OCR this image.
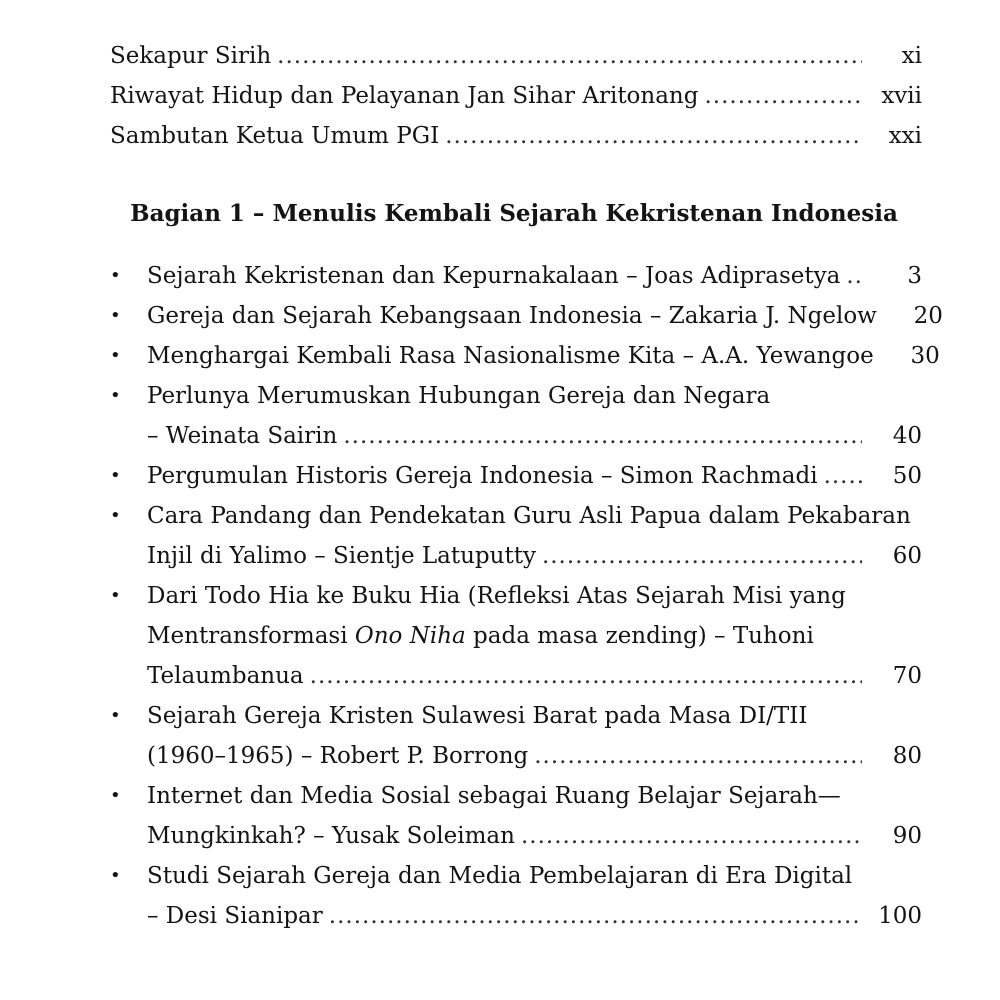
Sekapur Sirih .....	xi
Riwayat Hidup dan Pelayanan Jan Sihar Aritonang .....	xvii
Sambutan Ketua Umum PGI .....	xxi
Bagian 1 – Menulis Kembali Sejarah Kekristenan Indonesia
• Sejarah Kekristenan dan Kepurnakalaan – Joas Adiprasetya .....	3
• Gereja dan Sejarah Kebangsaan Indonesia – Zakaria J. Ngelow	20
• Menghargai Kembali Rasa Nasionalisme Kita – A.A. Yewangoe	30
• Perlunya Merumuskan Hubungan Gereja dan Negara
– Weinata Sairin .....	40
• Pergumulan Historis Gereja Indonesia – Simon Rachmadi .....	50
• Cara Pandang dan Pendekatan Guru Asli Papua dalam Pekabaran
Injil di Yalimo – Sientje Latuputty .....	60
• Dari Todo Hia ke Buku Hia (Refleksi Atas Sejarah Misi yang
Mentransformasi Ono Niha pada masa zending) – Tuhoni
Telaumbanua .....	70
• Sejarah Gereja Kristen Sulawesi Barat pada Masa DI/TII
(1960–1965) – Robert P. Borrong .....	80
• Internet dan Media Sosial sebagai Ruang Belajar Sejarah—
Mungkinkah? – Yusak Soleiman .....	90
• Studi Sejarah Gereja dan Media Pembelajaran di Era Digital
– Desi Sianipar .....	100
